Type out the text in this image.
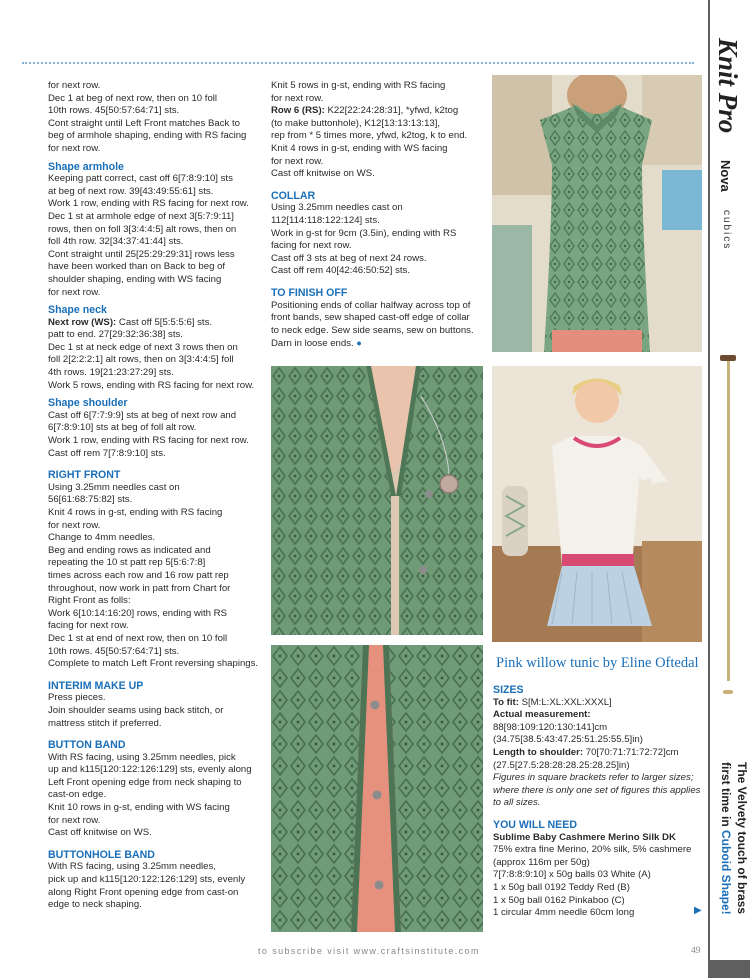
for next row.
Dec 1 at beg of next row, then on 10 foll
10th rows. 45[50:57:64:71] sts.
Cont straight until Left Front matches Back to
beg of armhole shaping, ending with RS facing
for next row.

Shape armhole

Keeping patt correct, cast off 6[7:8:9:10] sts
at beg of next row. 39[43:49:55:61] sts.
Work 1 row, ending with RS facing for next row.
Dec 1 st at armhole edge of next 3[5:7:9:11]
rows, then on foll 3[3:4:4:5] alt rows, then on
foll 4th row. 32[34:37:41:44] sts.
Cont straight until 25[25:29:29:31] rows less
have been worked than on Back to beg of
shoulder shaping, ending with WS facing
for next row.

Shape neck

Next row (WS): Cast off 5[5:5:5:6] sts.
patt to end. 27[29:32:36:38] sts.
Dec 1 st at neck edge of next 3 rows then on
foll 2[2:2:2:1] alt rows, then on 3[3:4:4:5] foll
4th rows. 19[21:23:27:29] sts.
Work 5 rows, ending with RS facing for next row.

Shape shoulder

Cast off 6[7:7:9:9] sts at beg of next row and
6[7:8:9:10] sts at beg of foll alt row.
Work 1 row, ending with RS facing for next row.
Cast off rem 7[7:8:9:10] sts.

RIGHT FRONT

Using 3.25mm needles cast on
56[61:68:75:82] sts.
Knit 4 rows in g-st, ending with RS facing
for next row.
Change to 4mm needles.
Beg and ending rows as indicated and
repeating the 10 st patt rep 5[5:6:7:8]
times across each row and 16 row patt rep
throughout, now work in patt from Chart for
Right Front as folls:
Work 6[10:14:16:20] rows, ending with RS
facing for next row.
Dec 1 st at end of next row, then on 10 foll
10th rows. 45[50:57:64:71] sts.
Complete to match Left Front reversing shapings.

INTERIM MAKE UP

Press pieces.
Join shoulder seams using back stitch, or
mattress stitch if preferred.

BUTTON BAND

With RS facing, using 3.25mm needles, pick
up and k115[120:122:126:129] sts, evenly along
Left Front opening edge from neck shaping to
cast-on edge.
Knit 10 rows in g-st, ending with WS facing
for next row.
Cast off knitwise on WS.

BUTTONHOLE BAND

With RS facing, using 3.25mm needles,
pick up and k115[120:122:126:129] sts, evenly
along Right Front opening edge from cast-on
edge to neck shaping.

Knit 5 rows in g-st, ending with RS facing
for next row.

Row 6 (RS): K22[22:24:28:31], *yfwd, k2tog
(to make buttonhole), K12[13:13:13:13],
rep from * 5 times more, yfwd, k2tog, k to end.
Knit 4 rows in g-st, ending with WS facing
for next row.
Cast off knitwise on WS.

COLLAR

Using 3.25mm needles cast on
112[114:118:122:124] sts.
Work in g-st for 9cm (3.5in), ending with RS
facing for next row.
Cast off 3 sts at beg of next 24 rows.
Cast off rem 40[42:46:50:52] sts.

TO FINISH OFF

Positioning ends of collar halfway across top of
front bands, sew shaped cast-off edge of collar
to neck edge. Sew side seams, sew on buttons.
Darn in loose ends. ●

Pink willow tunic by Eline Oftedal

SIZES

To fit: S[M:L:XL:XXL:XXXL]

Actual measurement: 88[98:109:120:130:141]cm
(34.75[38.5:43:47.25:51.25:55.5]in)

Length to shoulder: 70[70:71:71:72:72]cm
(27.5[27.5:28:28:28.25:28.25]in)

Figures in square brackets refer to larger sizes;
where there is only one set of figures this applies
to all sizes.

YOU WILL NEED

Sublime Baby Cashmere Merino Silk DK

75% extra fine Merino, 20% silk, 5% cashmere
(approx 116m per 50g)
7[7:8:8:9:10] x 50g balls 03 White (A)
1 x 50g ball 0192 Teddy Red (B)
1 x 50g ball 0162 Pinkaboo (C)
1 circular 4mm needle 60cm long	▶
to subscribe visit www.craftsinstitute.com	49
Knit Pro
Nova
cubics
The Velvety touch of brass
first time in Cuboid Shape!
